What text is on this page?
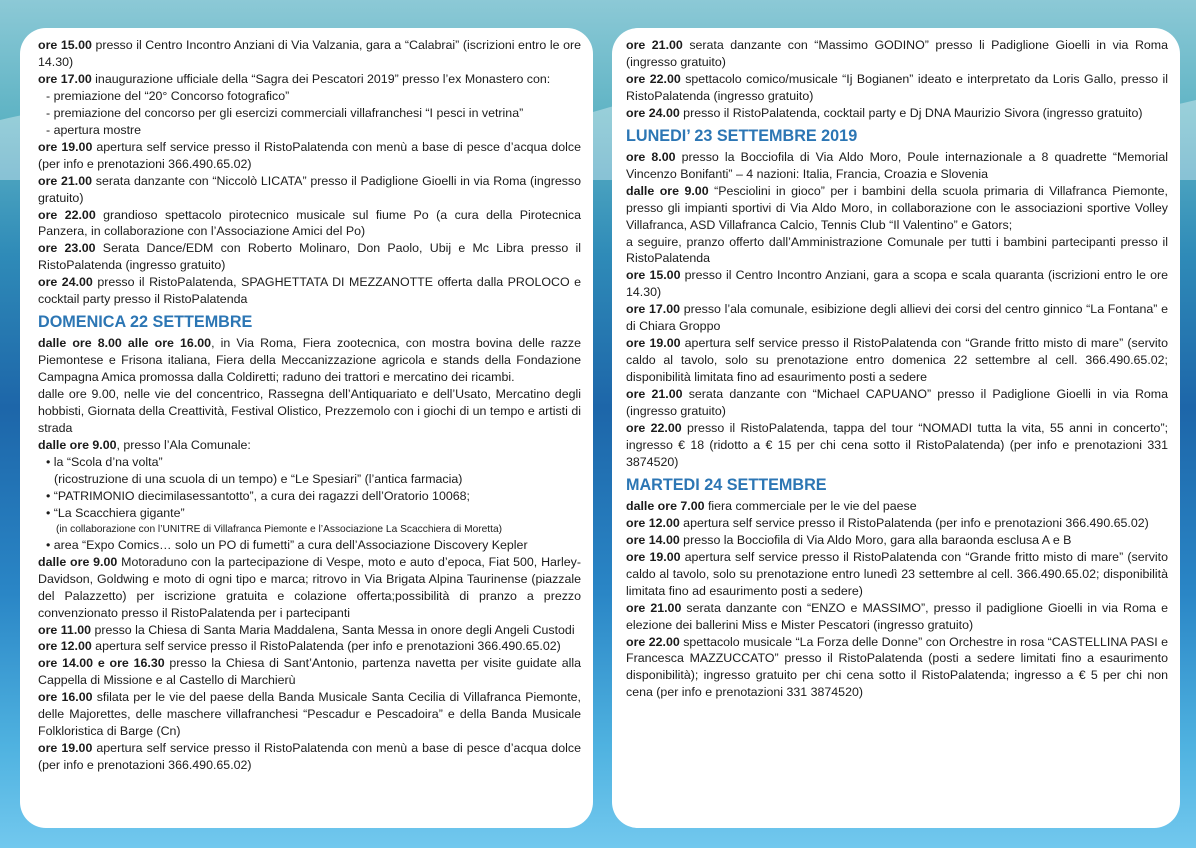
ore 15.00 presso il Centro Incontro Anziani di Via Valzania, gara a “Calabrai” (iscrizioni entro le ore 14.30)

ore 17.00 inaugurazione ufficiale della “Sagra dei Pescatori 2019” presso l’ex Monastero con:

- premiazione del “20° Concorso fotografico”
- premiazione del concorso per gli esercizi commerciali villafranchesi “I pesci in vetrina”
- apertura mostre

ore 19.00 apertura self service presso il RistoPalatenda con menù a base di pesce d’acqua dolce (per info e prenotazioni 366.490.65.02)

ore 21.00 serata danzante con “Niccolò LICATA” presso il Padiglione Gioelli in via Roma (ingresso gratuito)

ore 22.00 grandioso spettacolo pirotecnico musicale sul fiume Po (a cura della Pirotecnica Panzera, in collaborazione con l’Associazione Amici del Po)

ore 23.00 Serata Dance/EDM con Roberto Molinaro, Don Paolo, Ubij e Mc Libra presso il RistoPalatenda (ingresso gratuito)

ore 24.00 presso il RistoPalatenda, SPAGHETTATA DI MEZZANOTTE offerta dalla PROLOCO e cocktail party presso il RistoPalatenda

DOMENICA 22 SETTEMBRE

dalle ore 8.00 alle ore 16.00, in Via Roma, Fiera zootecnica, con mostra bovina delle razze Piemontese e Frisona italiana, Fiera della Meccanizzazione agricola e stands della Fondazione Campagna Amica promossa dalla Coldiretti; raduno dei trattori e mercatino dei ricambi.

dalle ore 9.00, nelle vie del concentrico, Rassegna dell’Antiquariato e dell’Usato, Mercatino degli hobbisti, Giornata della Creattività, Festival Olistico, Prezzemolo con i giochi di un tempo e artisti di strada

dalle ore 9.00, presso l’Ala Comunale:

• la “Scola d’na volta”
(ricostruzione di una scuola di un tempo) e “Le Spesiari” (l’antica farmacia)
• “PATRIMONIO diecimilasessantotto”, a cura dei ragazzi dell’Oratorio 10068;
• “La Scacchiera gigante”
(in collaborazione con l’UNITRE di Villafranca Piemonte e l’Associazione La Scacchiera di Moretta)
• area “Expo Comics… solo un PO di fumetti” a cura dell’Associazione Discovery Kepler

dalle ore 9.00 Motoraduno con la partecipazione di Vespe, moto e auto d’epoca, Fiat 500, Harley-Davidson, Goldwing e moto di ogni tipo e marca; ritrovo in Via Brigata Alpina Taurinense (piazzale del Palazzetto) per iscrizione gratuita e colazione offerta;possibilità di pranzo a prezzo convenzionato presso il RistoPalatenda per i partecipanti

ore 11.00 presso la Chiesa di Santa Maria Maddalena, Santa Messa in onore degli Angeli Custodi

ore 12.00 apertura self service presso il RistoPalatenda (per info e prenotazioni 366.490.65.02)

ore 14.00 e ore 16.30 presso la Chiesa di Sant’Antonio, partenza navetta per visite guidate alla Cappella di Missione e al Castello di Marchierù

ore 16.00 sfilata per le vie del paese della Banda Musicale Santa Cecilia di Villafranca Piemonte, delle Majorettes, delle maschere villafranchesi “Pescadur e Pescadoira” e della Banda Musicale Folkloristica di Barge (Cn)

ore 19.00 apertura self service presso il RistoPalatenda con menù a base di pesce d’acqua dolce (per info e prenotazioni 366.490.65.02)

ore 21.00 serata danzante con “Massimo GODINO” presso li Padiglione Gioelli in via Roma (ingresso gratuito)

ore 22.00 spettacolo comico/musicale “Ij Bogianen” ideato e interpretato da Loris Gallo, presso il RistoPalatenda (ingresso gratuito)

ore 24.00 presso il RistoPalatenda, cocktail party e Dj DNA Maurizio Sivora (ingresso gratuito)

LUNEDI’ 23 SETTEMBRE 2019

ore 8.00 presso la Bocciofila di Via Aldo Moro, Poule internazionale a 8 quadrette “Memorial Vincenzo Bonifanti” – 4 nazioni: Italia, Francia, Croazia e Slovenia

dalle ore 9.00 “Pesciolini in gioco” per i bambini della scuola primaria di Villafranca Piemonte, presso gli impianti sportivi di Via Aldo Moro, in collaborazione con le associazioni sportive Volley Villafranca, ASD Villafranca Calcio, Tennis Club “Il Valentino” e Gators;

a seguire, pranzo offerto dall’Amministrazione Comunale per tutti i bambini partecipanti presso il RistoPalatenda

ore 15.00 presso il Centro Incontro Anziani, gara a scopa e scala quaranta (iscrizioni entro le ore 14.30)

ore 17.00 presso l’ala comunale, esibizione degli allievi dei corsi del centro ginnico “La Fontana” e di Chiara Groppo

ore 19.00 apertura self service presso il RistoPalatenda con “Grande fritto misto di mare” (servito caldo al tavolo, solo su prenotazione entro domenica 22 settembre al cell. 366.490.65.02; disponibilità limitata fino ad esaurimento posti a sedere

ore 21.00 serata danzante con “Michael CAPUANO” presso il Padiglione Gioelli in via Roma (ingresso gratuito)

ore 22.00 presso il RistoPalatenda, tappa del tour “NOMADI tutta la vita, 55 anni in concerto”; ingresso € 18 (ridotto a € 15 per chi cena sotto il RistoPalatenda) (per info e prenotazioni 331 3874520)

MARTEDI 24 SETTEMBRE

dalle ore 7.00 fiera commerciale per le vie del paese

ore 12.00 apertura self service presso il RistoPalatenda (per info e prenotazioni 366.490.65.02)

ore 14.00 presso la Bocciofila di Via Aldo Moro, gara alla baraonda esclusa A e B

ore 19.00 apertura self service presso il RistoPalatenda con “Grande fritto misto di mare” (servito caldo al tavolo, solo su prenotazione entro lunedì 23 settembre al cell. 366.490.65.02; disponibilità limitata fino ad esaurimento posti a sedere)

ore 21.00 serata danzante con “ENZO e MASSIMO”, presso il padiglione Gioelli in via Roma e elezione dei ballerini Miss e Mister Pescatori (ingresso gratuito)

ore 22.00 spettacolo musicale “La Forza delle Donne” con Orchestre in rosa “CASTELLINA PASI e Francesca MAZZUCCATO” presso il RistoPalatenda (posti a sedere limitati fino a esaurimento disponibilità); ingresso gratuito per chi cena sotto il RistoPalatenda; ingresso a € 5 per chi non cena (per info e prenotazioni 331 3874520)
